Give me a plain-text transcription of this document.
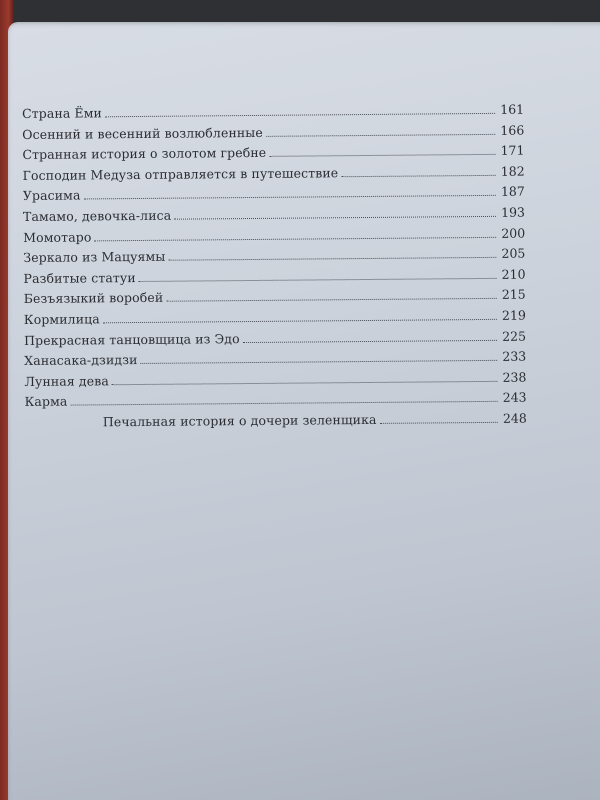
Страна Ёми	161
Осенний и весенний возлюбленные	166
Странная история о золотом гребне	171
Господин Медуза отправляется в путешествие	182
Урасима	187
Тамамо, девочка-лиса	193
Момотаро	200
Зеркало из Мацуямы	205
Разбитые статуи	210
Безъязыкий воробей	215
Кормилица	219
Прекрасная танцовщица из Эдо	225
Ханасака-дзидзи	233
Лунная дева	238
Карма	243
Печальная история о дочери зеленщика	248
